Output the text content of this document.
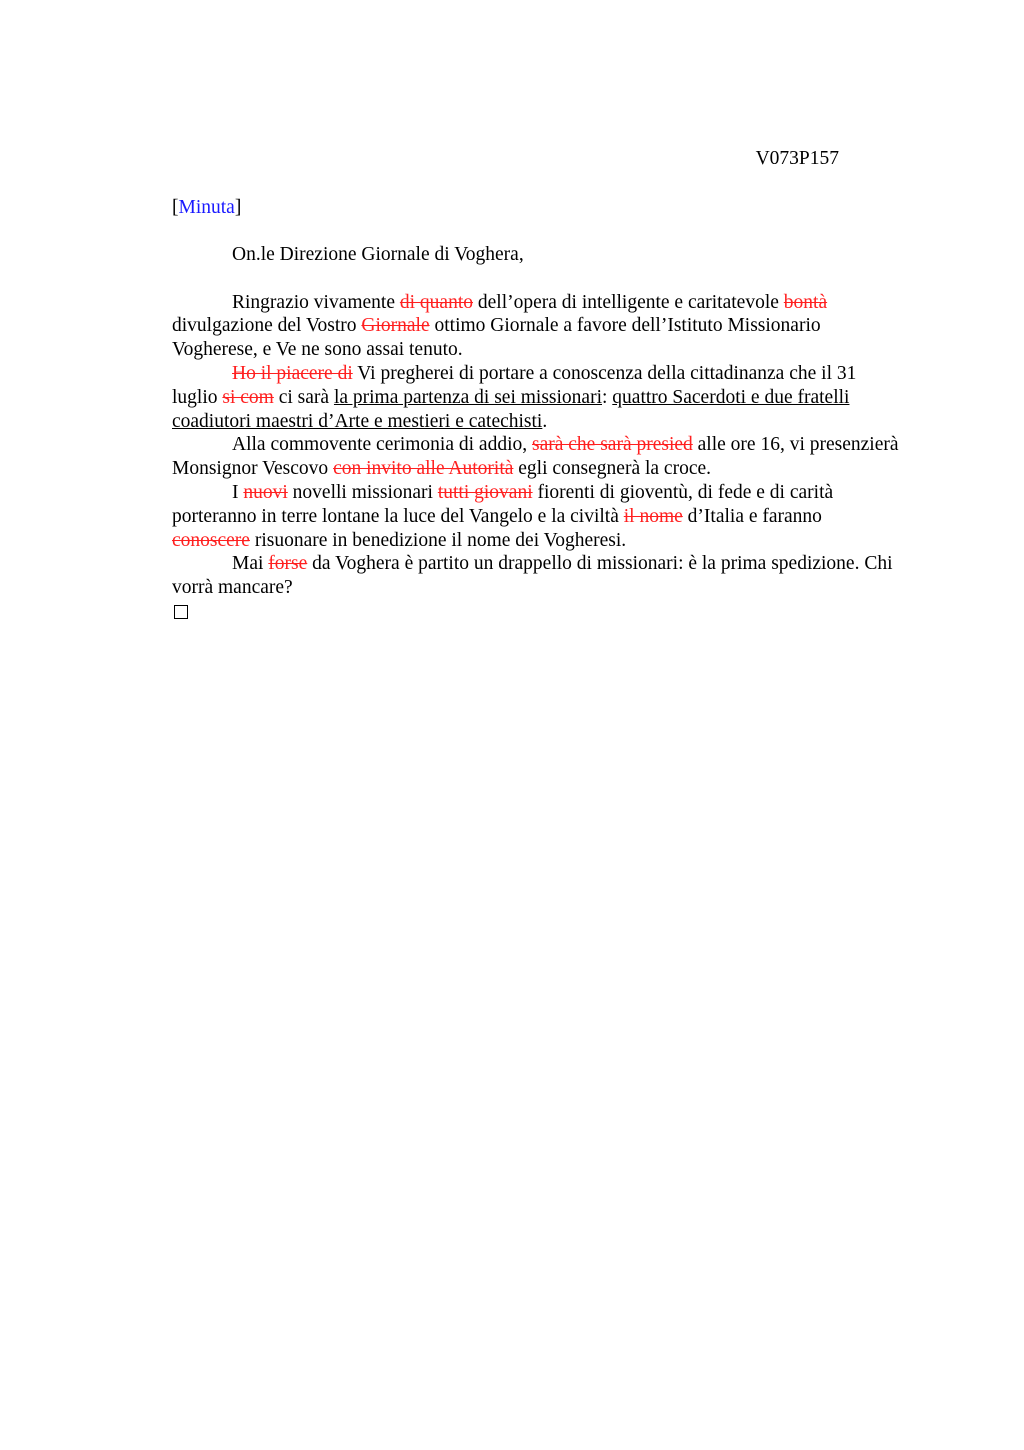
V073P157

[Minuta]

On.le Direzione Giornale di Voghera,

Ringrazio vivamente di quanto dell’opera di intelligente e caritatevole bontà divulgazione del Vostro Giornale ottimo Giornale a favore dell’Istituto Missionario Vogherese, e Ve ne sono assai tenuto.

Ho il piacere di Vi pregherei di portare a conoscenza della cittadinanza che il 31 luglio si com ci sarà la prima partenza di sei missionari: quattro Sacerdoti e due fratelli coadiutori maestri d’Arte e mestieri e catechisti.

Alla commovente cerimonia di addio, sarà che sarà presied alle ore 16, vi presenzierà Monsignor Vescovo con invito alle Autorità egli consegnerà la croce.

I nuovi novelli missionari tutti giovani fiorenti di gioventù, di fede e di carità porteranno in terre lontane la luce del Vangelo e la civiltà il nome d’Italia e faranno conoscere risuonare in benedizione il nome dei Vogheresi.

Mai forse da Voghera è partito un drappello di missionari: è la prima spedizione. Chi vorrà mancare?
